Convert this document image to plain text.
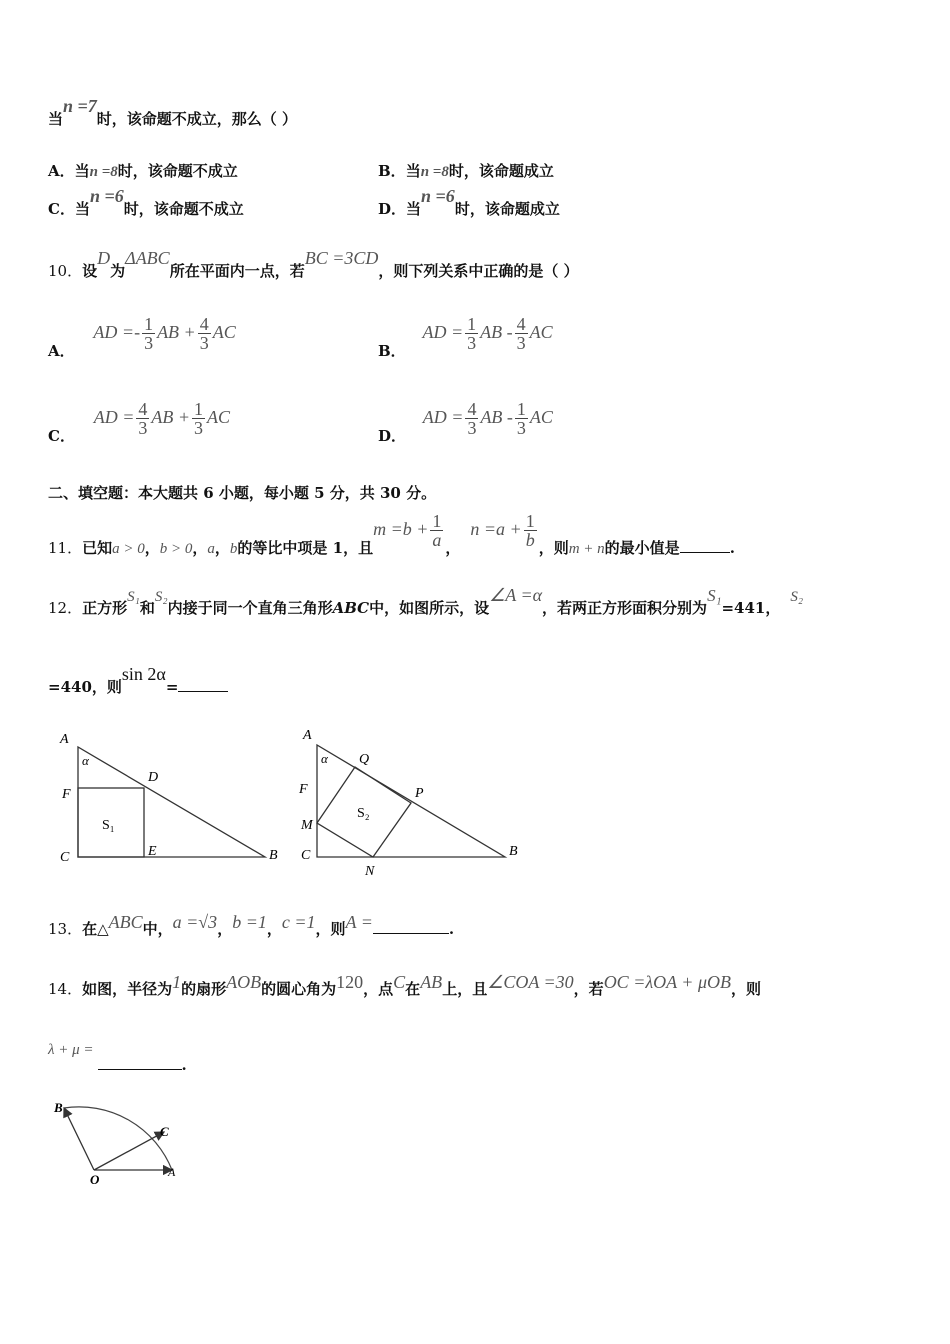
当n =7时，该命题不成立，那么（ ）
A．当n =8时，该命题不成立	B．当n =8时，该命题成立
C．当n =6时，该命题不成立	D．当n =6时，该命题成立
10．设D为ΔABC所在平面内一点，若BC =3CD，则下列关系中正确的是（ ）
A． AD =- $\frac{1}{3}$ AB + $\frac{4}{3}$ AC
B． AD = $\frac{1}{3}$ AB - $\frac{4}{3}$ AC
C． AD = $\frac{4}{3}$ AB + $\frac{1}{3}$ AC
D． AD = $\frac{4}{3}$ AB - $\frac{1}{3}$ AC
二、填空题：本大题共 6 小题，每小题 5 分，共 30 分。
11．已知a > 0，b > 0，a，b的等比中项是 1，且$m =b + \frac{1}{a}$ ，$n =a + \frac{1}{b}$ ，则m + n的最小值是	.
12．正方形S₁和S₂内接于同一个直角三角形ABC中，如图所示，设∠A =α，若两正方形面积分别为S₁=441，S₂
=440，则sin 2α=
A
α
F
D
S₁
C	E	B
A
α Q
P
F
M
S₂
C
N
B
13．在△ABC中，a =√3，b =1，c =1，则A =	.
14．如图，半径为1的扇形AOB的圆心角为120，点C在AB上，且∠COA =30，若OC =λOA + μOB，则
λ + μ =.
B
C
O	A
